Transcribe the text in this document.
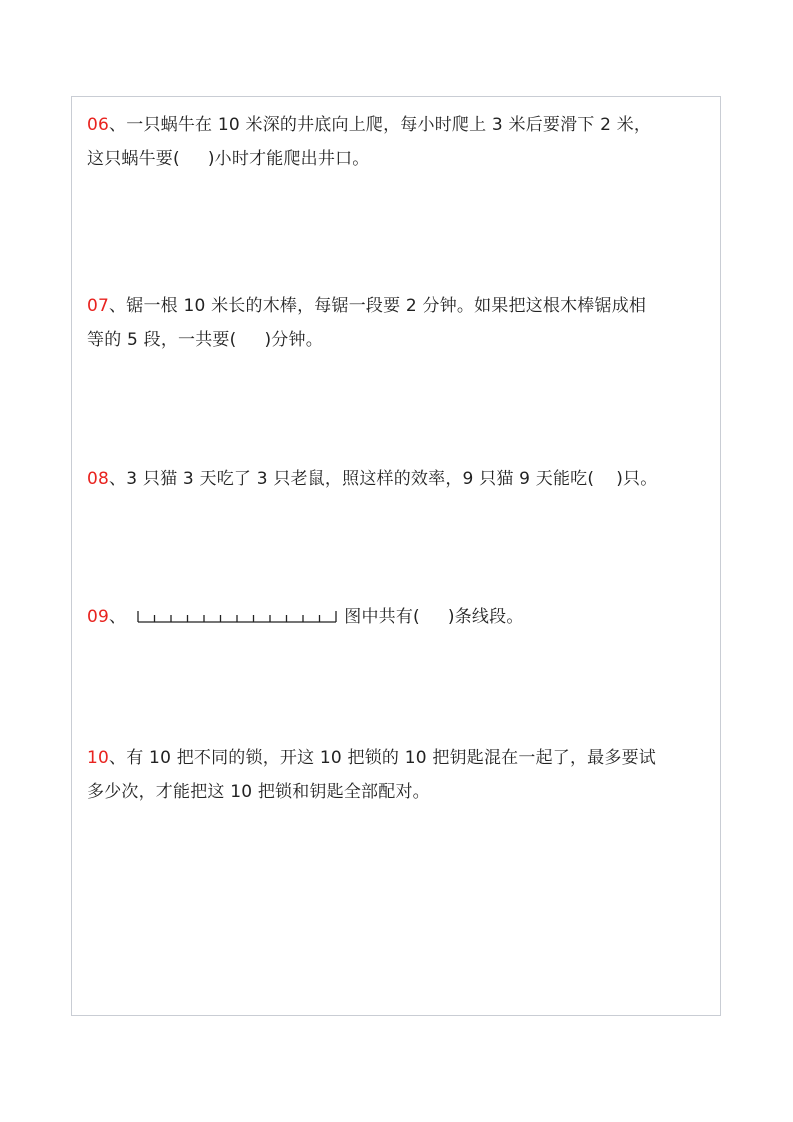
06、一只蜗牛在 10 米深的井底向上爬，每小时爬上 3 米后要滑下 2 米，
这只蜗牛要( )小时才能爬出井口。
07、锯一根 10 米长的木棒，每锯一段要 2 分钟。如果把这根木棒锯成相
等的 5 段，一共要( )分钟。
08、3 只猫 3 天吃了 3 只老鼠，照这样的效率，9 只猫 9 天能吃( )只。
09、	图中共有( )条线段。
10、有 10 把不同的锁，开这 10 把锁的 10 把钥匙混在一起了，最多要试
多少次，才能把这 10 把锁和钥匙全部配对。
